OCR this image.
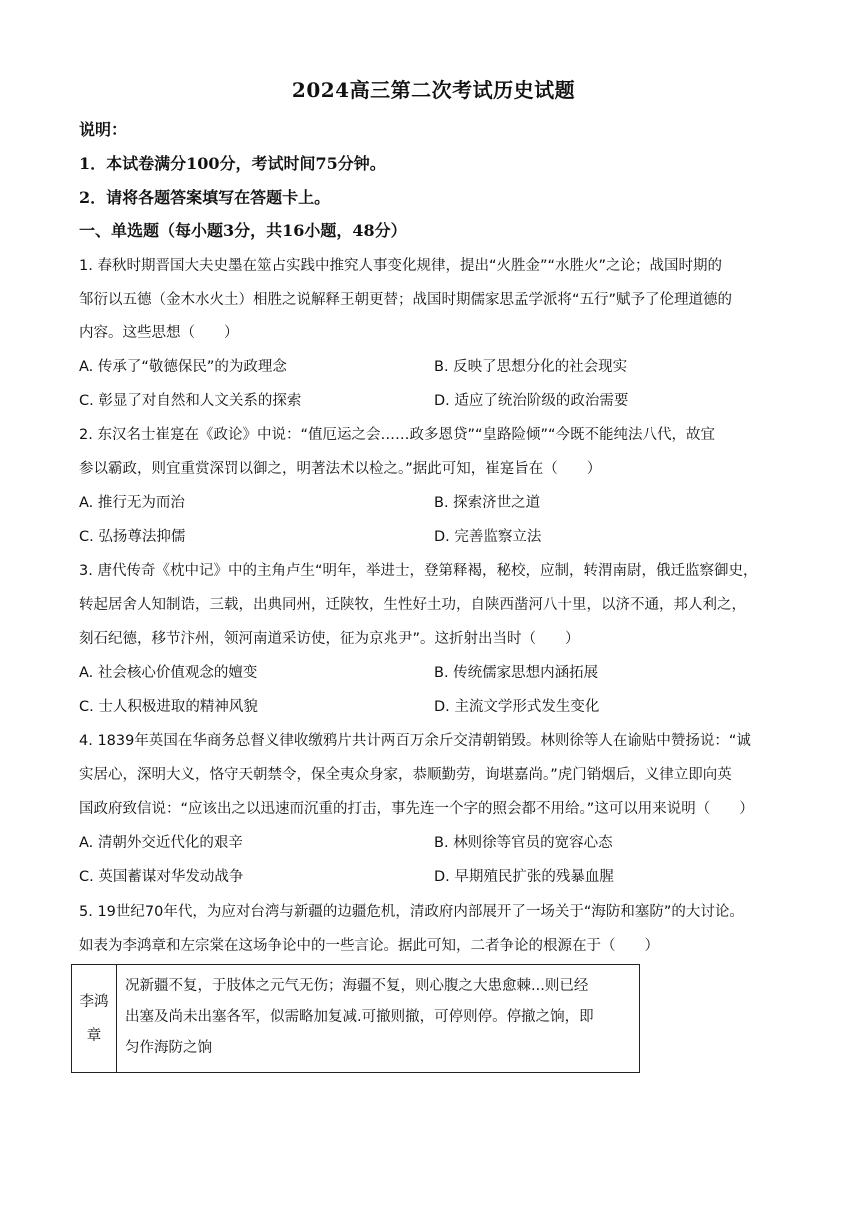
2024高三第二次考试历史试题
说明：
1．本试卷满分100分，考试时间75分钟。
2．请将各题答案填写在答题卡上。
一、单选题（每小题3分，共16小题，48分）
1. 春秋时期晋国大夫史墨在筮占实践中推究人事变化规律，提出“火胜金”“水胜火”之论；战国时期的
邹衍以五德（金木水火土）相胜之说解释王朝更替；战国时期儒家思孟学派将“五行”赋予了伦理道德的
内容。这些思想（　　）
A. 传承了“敬德保民”的为政理念	B. 反映了思想分化的社会现实
C. 彰显了对自然和人文关系的探索	D. 适应了统治阶级的政治需要
2. 东汉名士崔寔在《政论》中说：“值厄运之会……政多恩贷”“皇路险倾”“今既不能纯法八代，故宜
参以霸政，则宜重赏深罚以御之，明著法术以检之。”据此可知，崔寔旨在（　　）
A. 推行无为而治	B. 探索济世之道
C. 弘扬尊法抑儒	D. 完善监察立法
3. 唐代传奇《枕中记》中的主角卢生“明年，举进士，登第释褐，秘校，应制，转渭南尉，俄迁监察御史，
转起居舍人知制诰，三载，出典同州，迁陕牧，生性好土功，自陕西凿河八十里，以济不通，邦人利之，
刻石纪德，移节汴州，领河南道采访使，征为京兆尹”。这折射出当时（　　）
A. 社会核心价值观念的嬗变	B. 传统儒家思想内涵拓展
C. 士人积极进取的精神风貌	D. 主流文学形式发生变化
4. 1839年英国在华商务总督义律收缴鸦片共计两百万余斤交清朝销毁。林则徐等人在谕贴中赞扬说：“诚
实居心，深明大义，恪守天朝禁令，保全夷众身家，恭顺勤劳，询堪嘉尚。”虎门销烟后，义律立即向英
国政府致信说：“应该出之以迅速而沉重的打击，事先连一个字的照会都不用给。”这可以用来说明（　　）
A. 清朝外交近代化的艰辛	B. 林则徐等官员的宽容心态
C. 英国蓄谋对华发动战争	D. 早期殖民扩张的残暴血腥
5. 19世纪70年代，为应对台湾与新疆的边疆危机，清政府内部展开了一场关于“海防和塞防”的大讨论。
如表为李鸿章和左宗棠在这场争论中的一些言论。据此可知，二者争论的根源在于（　　）
李鸿
章	
况新疆不复，于肢体之元气无伤；海疆不复，则心腹之大患愈棘...则已经
出塞及尚未出塞各军，似需略加复减.可撤则撤，可停则停。停撤之饷，即
匀作海防之饷
